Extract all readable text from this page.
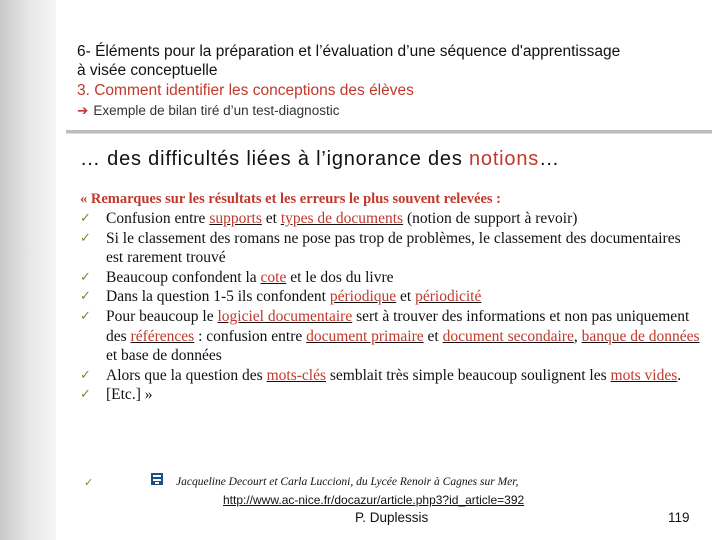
6- Éléments pour la préparation et l’évaluation d’une séquence d'apprentissage
à visée conceptuelle
3. Comment identifier les conceptions des élèves
➔ Exemple de bilan tiré d’un test-diagnostic
… des difficultés liées à l’ignorance des notions…
« Remarques sur les résultats et les erreurs le plus souvent relevées :
✓ Confusion entre supports et types de documents (notion de support à revoir)
✓ Si le classement des romans ne pose pas trop de problèmes, le classement des documentaires est rarement trouvé
✓ Beaucoup confondent la cote et le dos du livre
✓ Dans la question 1-5 ils confondent périodique et périodicité
✓ Pour beaucoup le logiciel documentaire sert à trouver des informations et non pas uniquement des références : confusion entre document primaire et document secondaire, banque de données et base de données
✓ Alors que la question des mots-clés semblait très simple beaucoup soulignent les mots vides.
✓ [Etc.] »
✓	Jacqueline Decourt et Carla Luccioni, du Lycée Renoir à Cagnes sur Mer,
http://www.ac-nice.fr/docazur/article.php3?id_article=392
P. Duplessis	119
